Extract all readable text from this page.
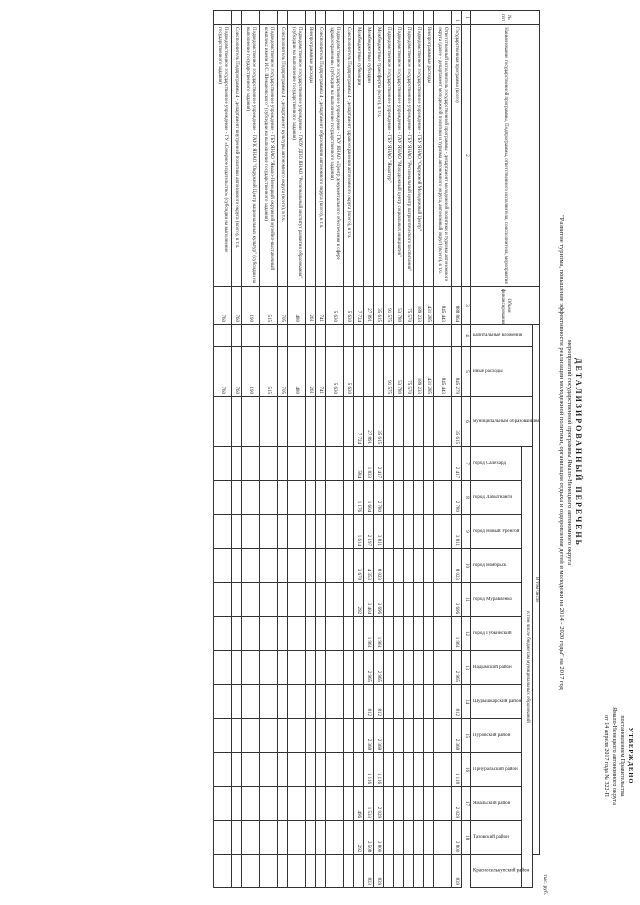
УТВЕРЖДЕНО
постановлением Правительства
Ямало-Ненецкого автономного округа
от 14 апреля 2017 года № 322-П
ДЕТАЛИЗИРОВАННЫЙ ПЕРЕЧЕНЬ
мероприятий государственной программы Ямало-Ненецкого автономного округа
"Развитие туризма, повышение эффективности реализации молодежной политики, организация отдыха и оздоровления детей и молодежи на 2014 - 2020 годы" на 2017 год
тыс. руб.
№ п/п	Наименование государственной программы, Подпрограммы, ответственного исполнителя, соисполнителя, мероприятия	Объем финансирования	В том числе															
			капитальные вложения	иные расходы	муниципальным образованиям	в том числе бюджетам муниципальных образований												
						город Салехард	город Лабытнанги	город Новый Уренгой	город Ноябрьск	город Муравленко	город Губкинский	Надымский район	Шурышкарский район	Пуровский район	Приуральский район	Ямальский район	Тазовский район	Красноселькупский район
1	2	3	4	5	6	7	8	9	10	11	12	13	14	15	16	17	18	
1	Государственная программа (всего)	888 864		845 279	35 615	2 417	2 780	3 811	8 023	3 696	1 961	2 965	812	2 368	1 118	2 029	2 800	839
	Ответственный исполнитель государственной программы - департамент молодежной политики и туризма автономного округа (далее - департамент молодежной политики и туризма автономного округа, автономный округ) (всего), в т.ч.	845 443		845 443														
	Внепрограммные расходы	431 285		431 285														
	Подведомственное государственное учреждение - ГБУ ЯНАО "Окружной Молодежный Центр"	189 233		189 233														
	Подведомственное государственное учреждение - ГБУ ЯНАО "Региональный центр патриотического воспитания"	75 570		75 570														
	Подведомственное государственное учреждение - ГАУ ЯНАО "Молодежный центр социальных инициатив"	53 780		53 780														
	Подведомственное государственное учреждение - ГБУ ЯНАО "Ямалтур"	91 575		91 575														
	Межбюджетные трансферты (всего), в т.ч.	35 615			35 615	2 417	2 780	3 811	8 023	3 696	1 961	2 965	812	2 368	1 116	2 029	2 800	839
	Межбюджетные субсидии	27 891			27 891	1 833	1 604	2 197	4 353	3 404	1 961	2 965	812	2 368	1 116	1 533	2 508	833
	Межбюджетные субвенции	7 724			7 724	584	1 176	1 614	3 670	292						496	292	
	Соисполнитель Подпрограммы 4 - департамент здравоохранения автономного округа (всего), в т.ч.	5 630		5 630														
	Подведомственное государственное учреждение - ГКУ ЯНАО «Центр документального обеспечения в сфере здравоохранения» (субсидии на выполнение государственного задания)	5 630		5 630														
	Соисполнитель Подпрограммы 4 - департамент образования автономного округа (всего), в т.ч.	741		741														
	Внепрограммные расходы	261		261														
	Подведомственное государственное учреждение - ГАОУ ДПО ЯНАО "Региональный институт развития образования" (субсидии на выполнение государственного задания)	480		480														
	Соисполнитель Подпрограммы 4 - департамент культуры автономного округа (всего), в т.ч.	705		705														
	Подведомственное государственное учреждение - ГБУ ЯНАО "Ямало-Ненецкий окружной музейно-выставочный комплекс имени И.С. Шемановского" (субсидии на выполнение государственного задания)	515		515														
	Подведомственное государственное учреждение - ГАУК ЯНАО "Окружной Центр национальных культур" (субсидии на выполнение государственного задания)	190		190														
	Соисполнитель Подпрограммы 4 - департамент внутренней политики автономного округа (всего), в т.ч.	760		760														
	Подведомственное государственное учреждение - ГУ «Северное издательство» (субсидии на выполнение государственного задания)	760		760														
